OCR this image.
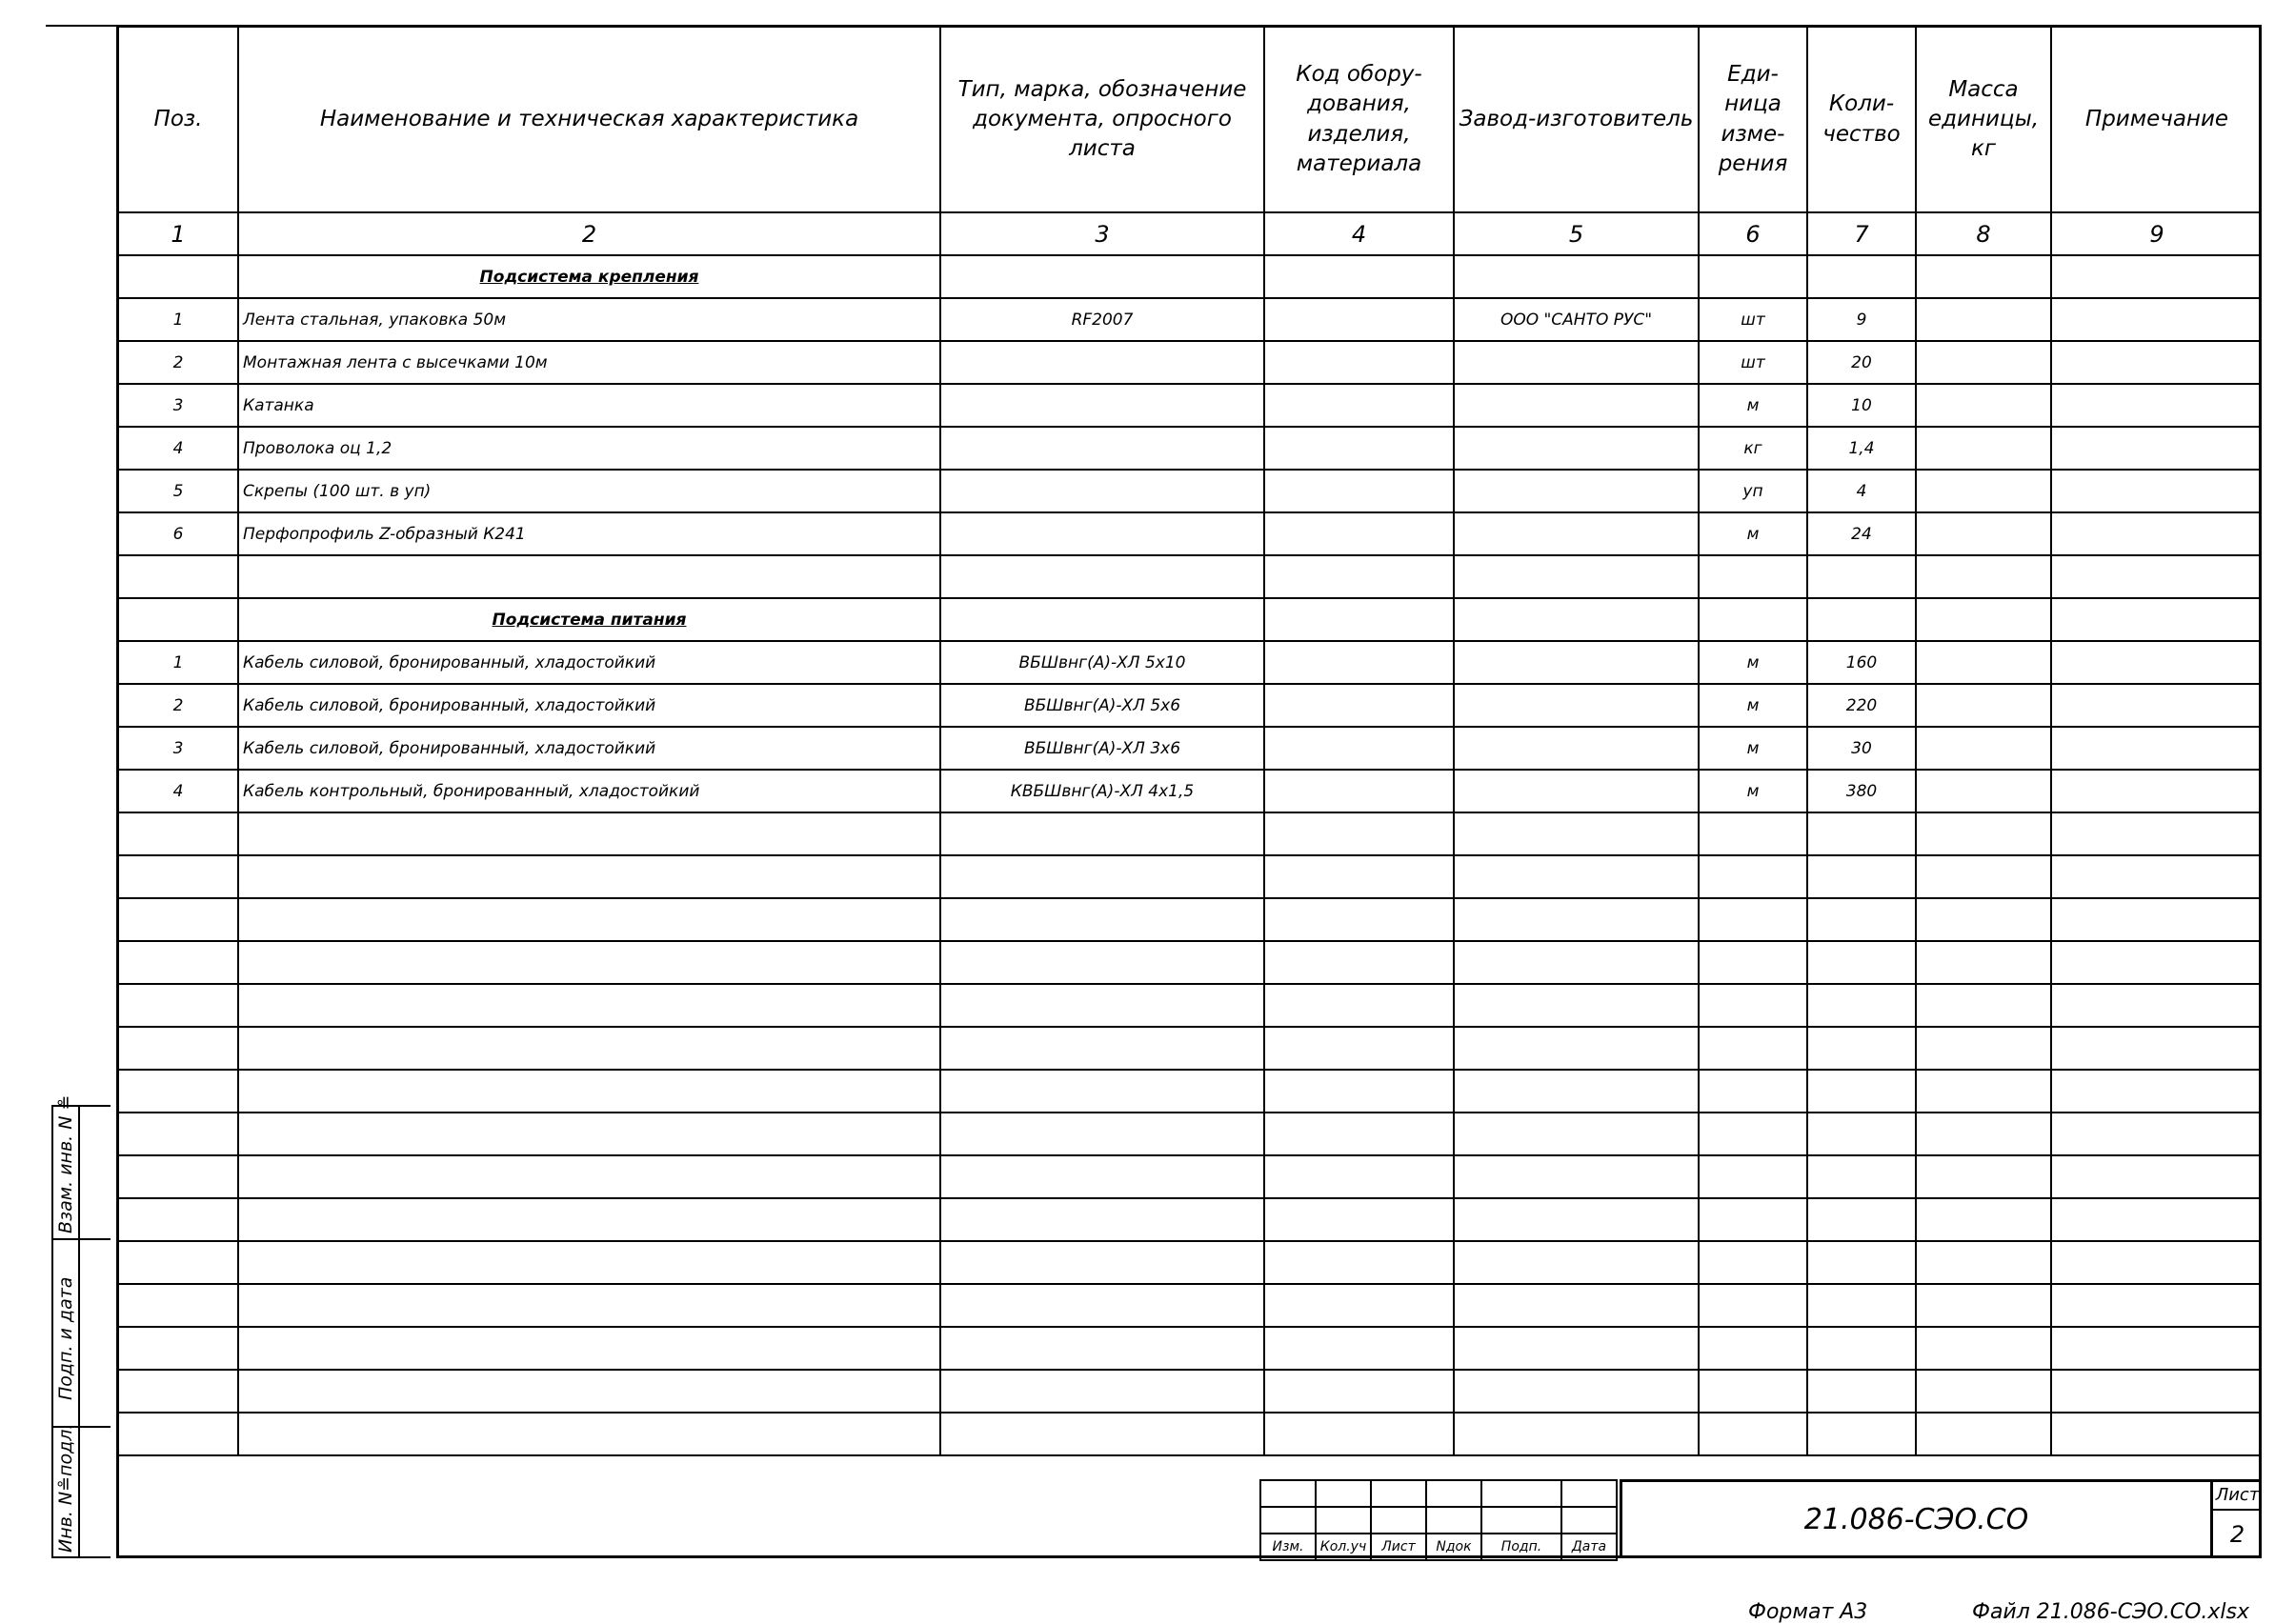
Поз.	Наименование и техническая характеристика	Тип, марка, обозначение документа, опросного листа	Код обору-дования, изделия, материала	Завод-изготовитель	Еди-ница изме-рения	Коли-чество	Масса единицы, кг	Примечание
1	2	3	4	5	6	7	8	9
	Подсистема крепления							
1	Лента стальная, упаковка 50м	RF2007		ООО "САНТО РУС"	шт	9		
2	Монтажная лента с высечками 10м				шт	20		
3	Катанка				м	10		
4	Проволока оц 1,2				кг	1,4		
5	Скрепы (100 шт. в уп)				уп	4		
6	Перфопрофиль Z-образный К241				м	24		

	Подсистема питания							
1	Кабель силовой, бронированный, хладостойкий	ВБШвнг(А)-ХЛ 5х10			м	160		
2	Кабель силовой, бронированный, хладостойкий	ВБШвнг(А)-ХЛ 5х6			м	220		
3	Кабель силовой, бронированный, хладостойкий	ВБШвнг(А)-ХЛ 3х6			м	30		
4	Кабель контрольный, бронированный, хладостойкий	КВБШвнг(А)-ХЛ 4х1,5			м	380		

Взам. инв. N ≗
Подп. и дата
Инв. N≗подл.

						Изм.	Кол.уч	Лист	Nдок	Подп.	Дата
21.086-СЭО.СО
Лист
2
Формат A3	Файл 21.086-СЭО.СО.xlsx
